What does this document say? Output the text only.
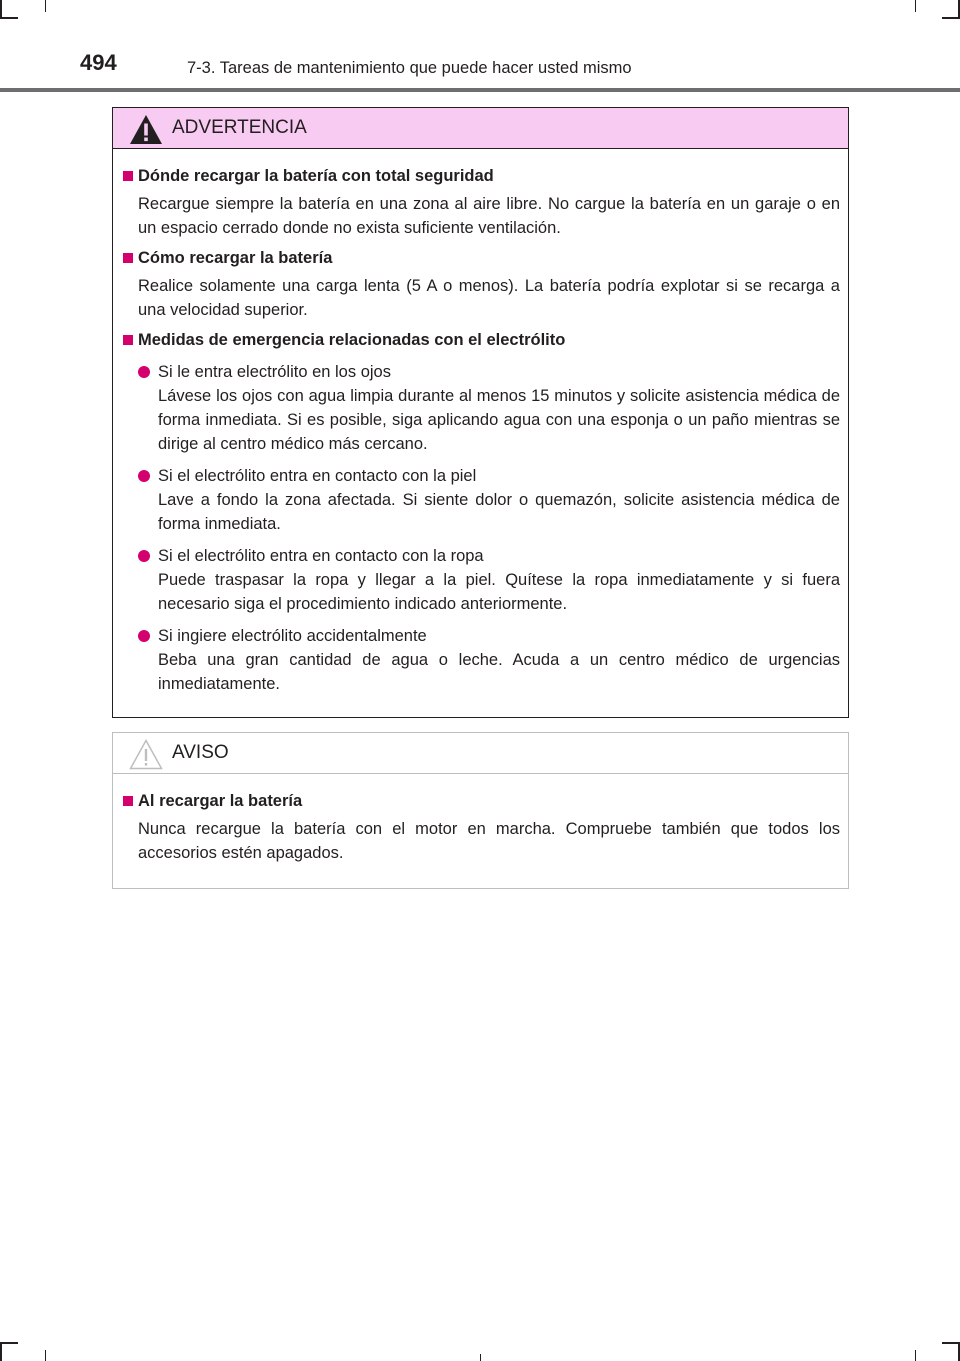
494	7-3. Tareas de mantenimiento que puede hacer usted mismo
ADVERTENCIA
Dónde recargar la batería con total seguridad
Recargue siempre la batería en una zona al aire libre. No cargue la batería en un garaje o en un espacio cerrado donde no exista suficiente ventilación.
Cómo recargar la batería
Realice solamente una carga lenta (5 A o menos). La batería podría explotar si se recarga a una velocidad superior.
Medidas de emergencia relacionadas con el electrólito
Si le entra electrólito en los ojos
Lávese los ojos con agua limpia durante al menos 15 minutos y solicite asistencia médica de forma inmediata. Si es posible, siga aplicando agua con una esponja o un paño mientras se dirige al centro médico más cercano.
Si el electrólito entra en contacto con la piel
Lave a fondo la zona afectada. Si siente dolor o quemazón, solicite asistencia médica de forma inmediata.
Si el electrólito entra en contacto con la ropa
Puede traspasar la ropa y llegar a la piel. Quítese la ropa inmediatamente y si fuera necesario siga el procedimiento indicado anteriormente.
Si ingiere electrólito accidentalmente
Beba una gran cantidad de agua o leche. Acuda a un centro médico de urgencias inmediatamente.
AVISO
Al recargar la batería
Nunca recargue la batería con el motor en marcha. Compruebe también que todos los accesorios estén apagados.
